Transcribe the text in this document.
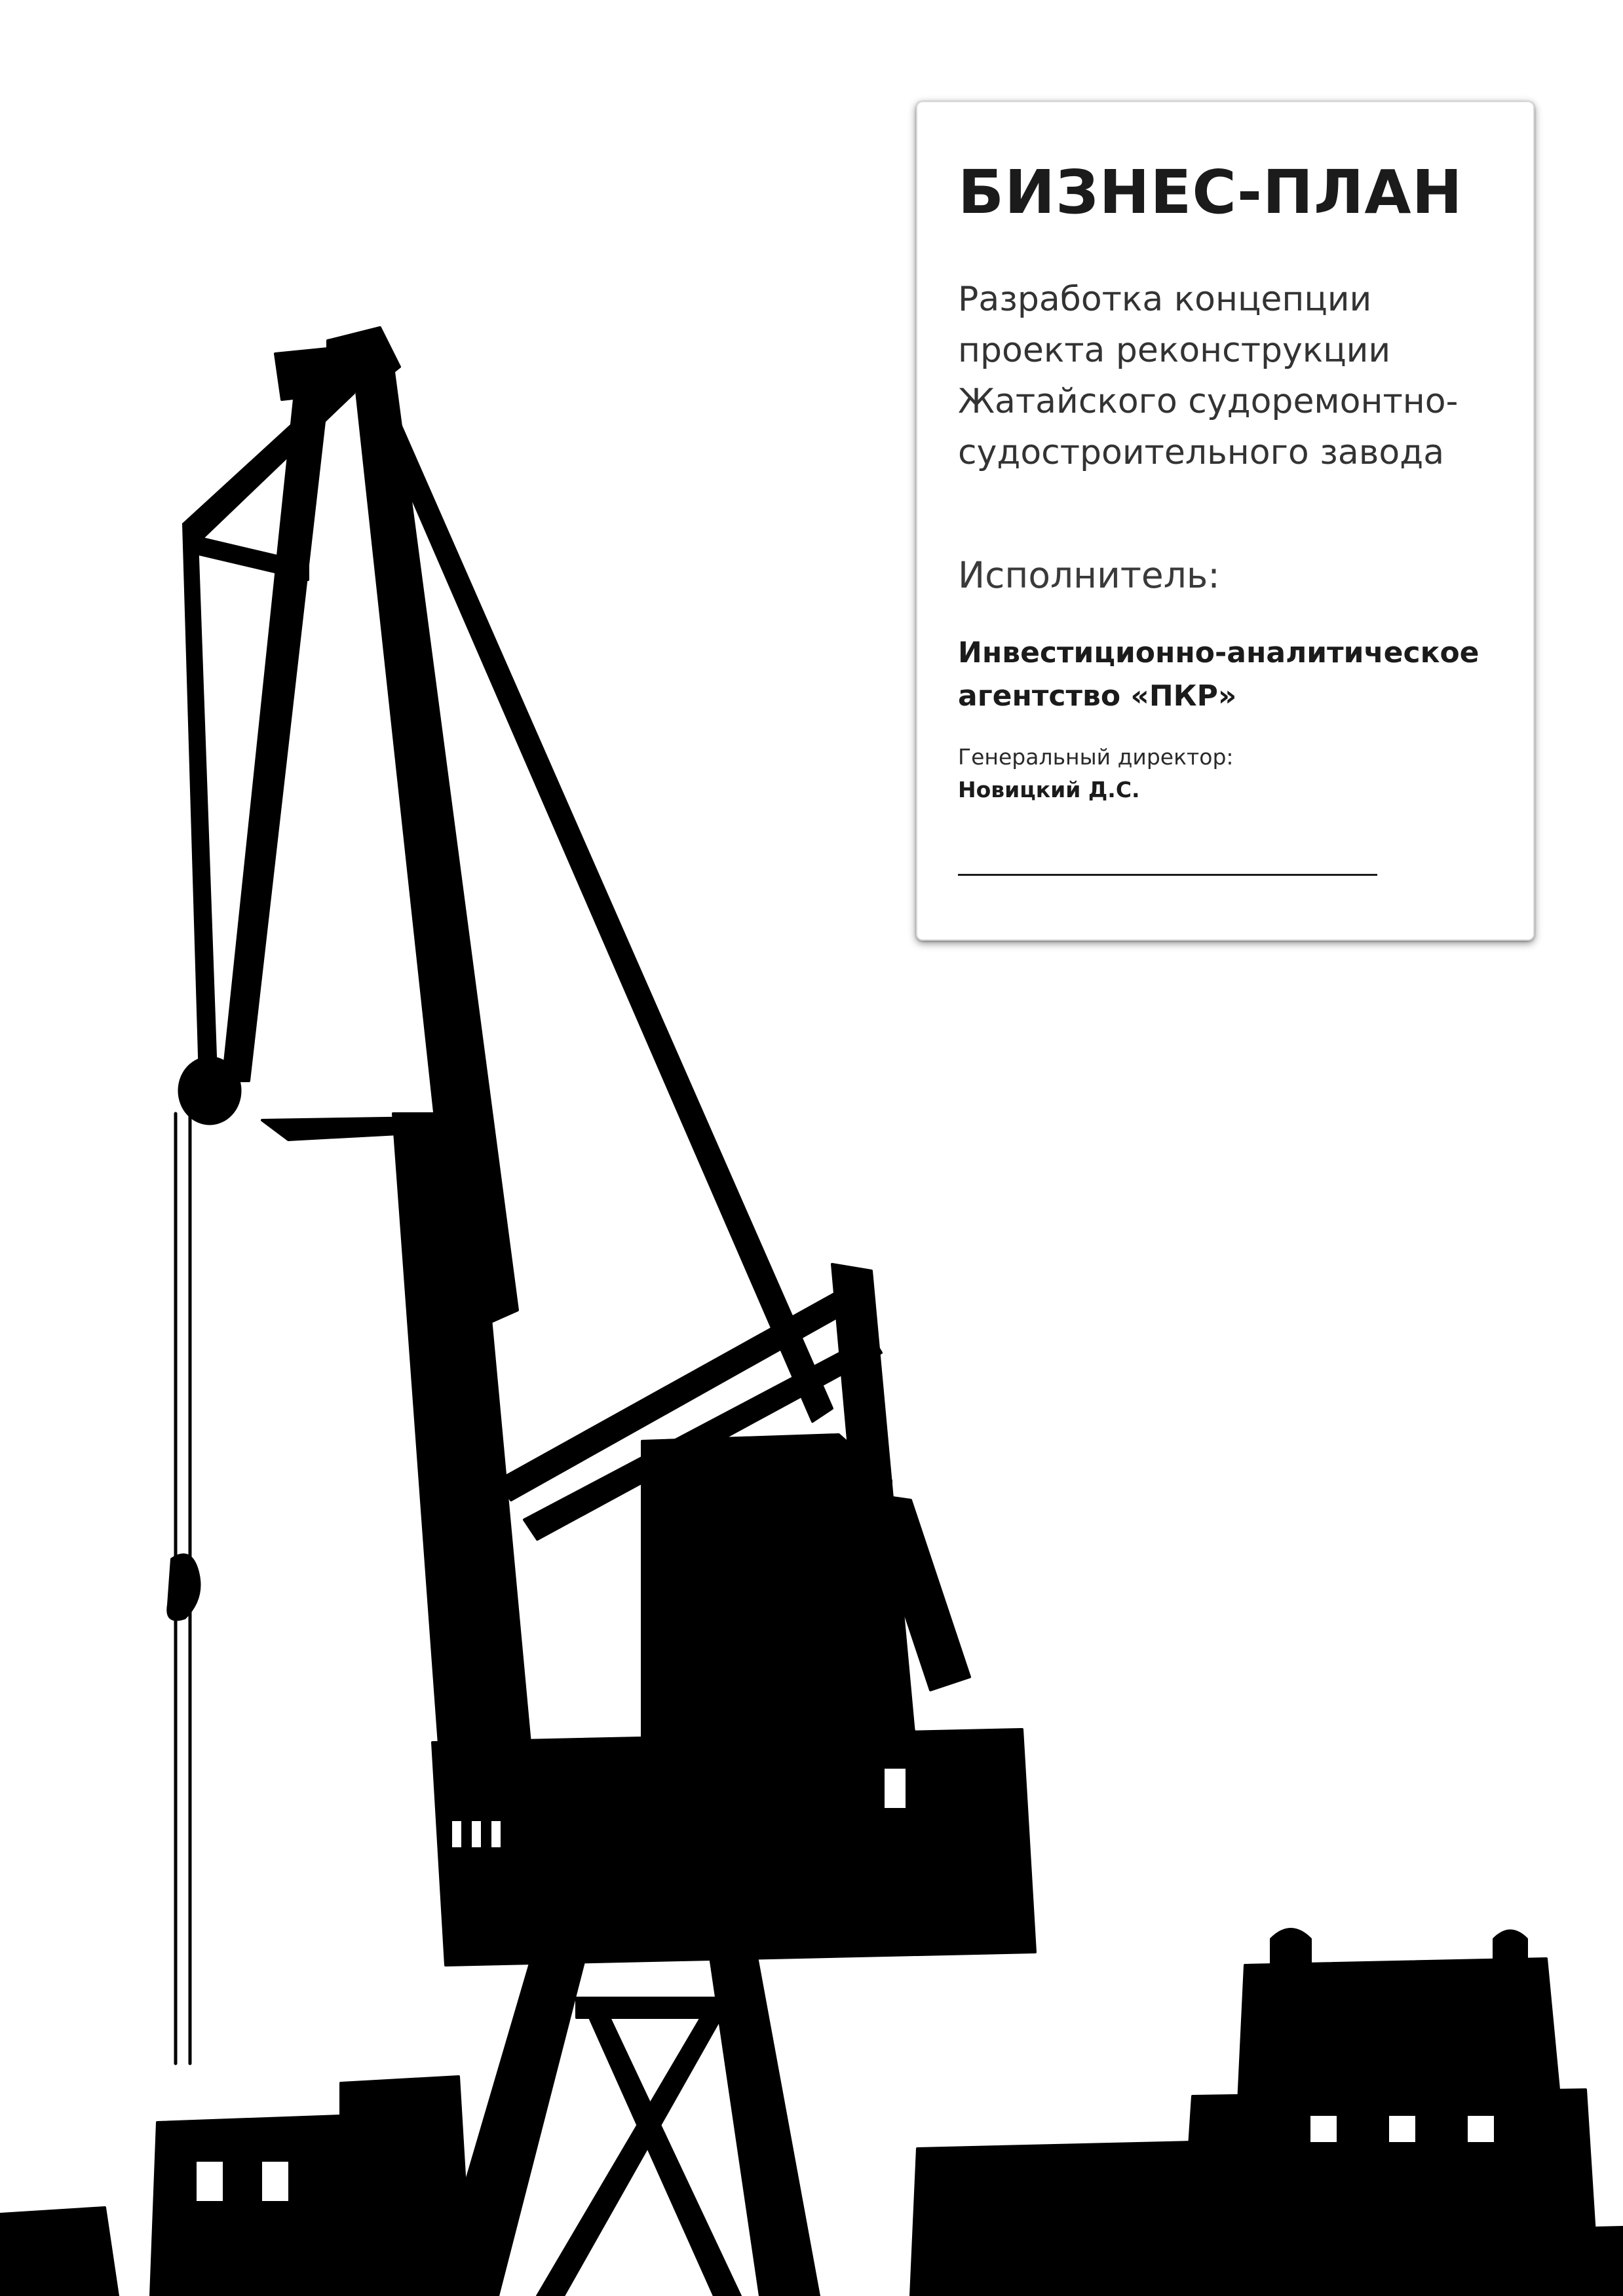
БИЗНЕС-ПЛАН
Разработка концепции
проекта реконструкции
Жатайского судоремонтно-
судостроительного завода
Исполнитель:
Инвестиционно-аналитическое
агентство «ПКР»
Генеральный директор:
Новицкий Д.С.
